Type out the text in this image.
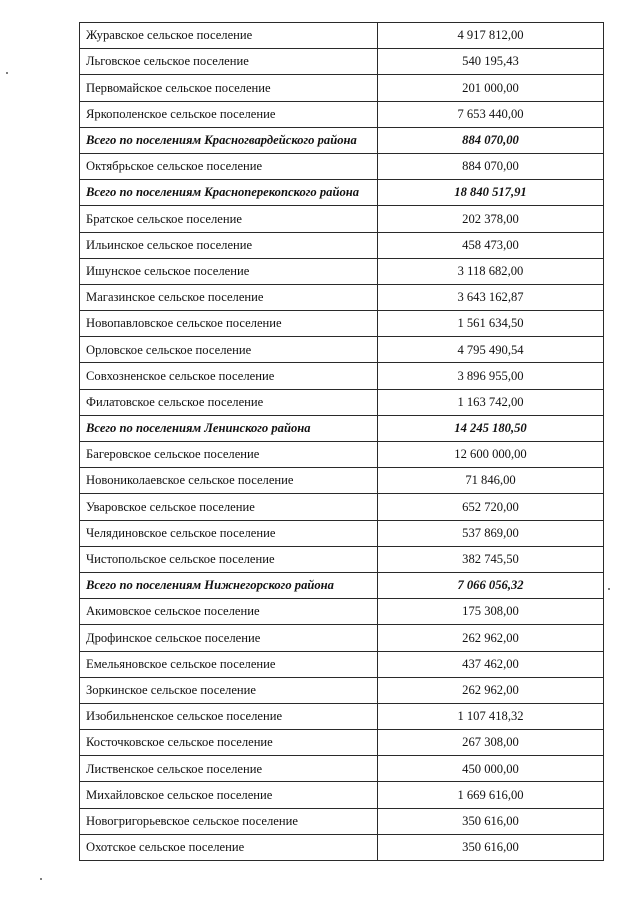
Журавское сельское поселение	4 917 812,00
Льговское сельское поселение	540 195,43
Первомайское сельское поселение	201 000,00
Яркополенское сельское поселение	7 653 440,00
Всего по поселениям Красногвардейского района	884 070,00
Октябрьское сельское поселение	884 070,00
Всего по поселениям Красноперекопского района	18 840 517,91
Братское сельское поселение	202 378,00
Ильинское сельское поселение	458 473,00
Ишунское сельское поселение	3 118 682,00
Магазинское сельское поселение	3 643 162,87
Новопавловское сельское поселение	1 561 634,50
Орловское сельское поселение	4 795 490,54
Совхозненское сельское поселение	3 896 955,00
Филатовское сельское поселение	1 163 742,00
Всего по поселениям Ленинского района	14 245 180,50
Багеровское сельское поселение	12 600 000,00
Новониколаевское сельское поселение	71 846,00
Уваровское сельское поселение	652 720,00
Челядиновское сельское поселение	537 869,00
Чистопольское сельское поселение	382 745,50
Всего по поселениям Нижнегорского района	7 066 056,32
Акимовское сельское поселение	175 308,00
Дрофинское сельское поселение	262 962,00
Емельяновское сельское поселение	437 462,00
Зоркинское сельское поселение	262 962,00
Изобильненское сельское поселение	1 107 418,32
Косточковское сельское поселение	267 308,00
Лиственское сельское поселение	450 000,00
Михайловское сельское поселение	1 669 616,00
Новогригорьевское сельское поселение	350 616,00
Охотское сельское поселение	350 616,00
